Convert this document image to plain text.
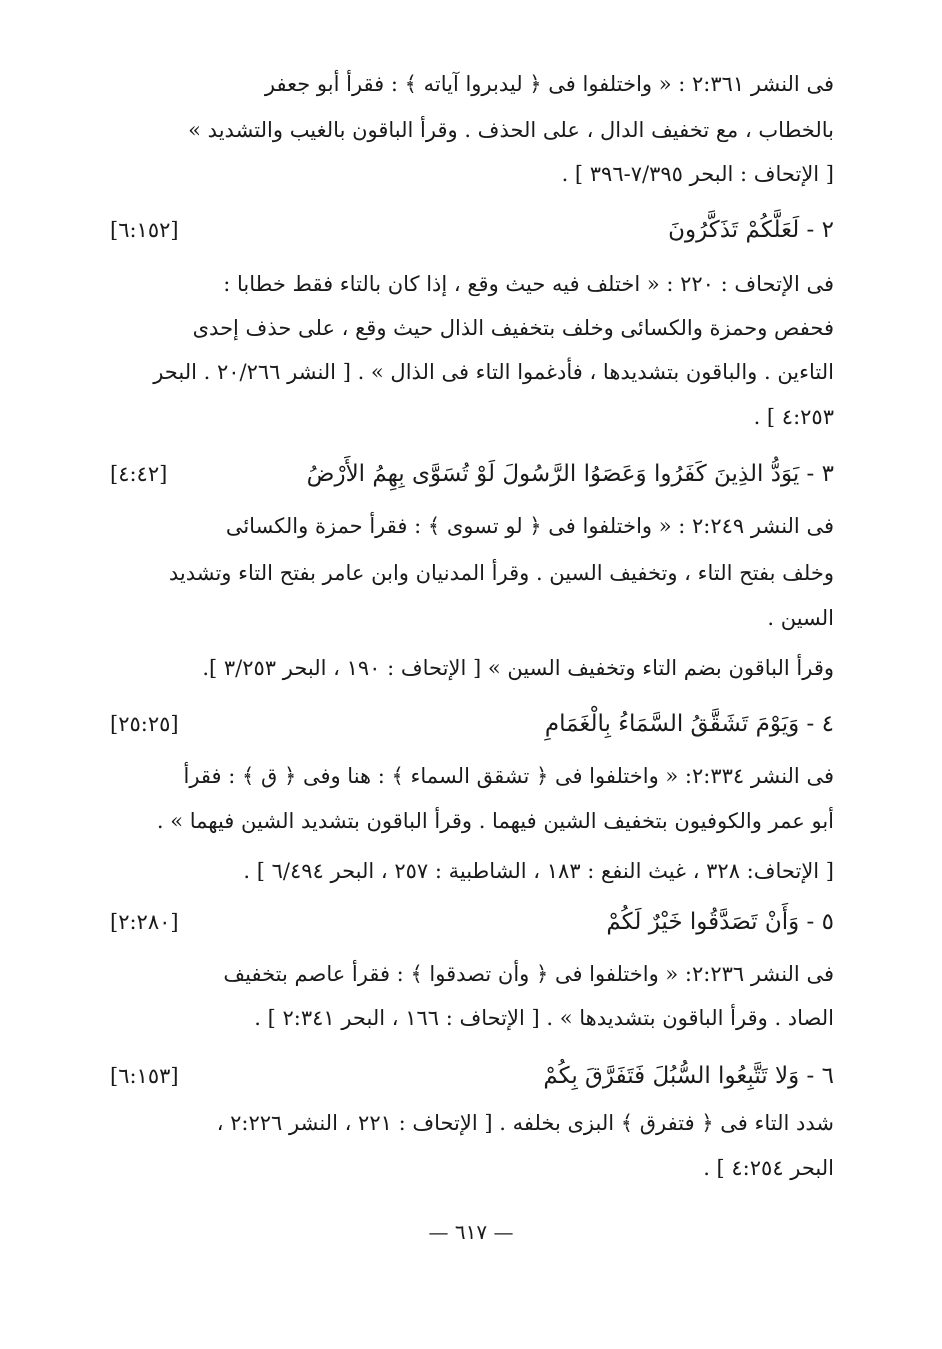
فى النشر ٢:٣٦١ : « واختلفوا فى ﴿ ليدبروا آياته ﴾ : فقرأ أبو جعفر
بالخطاب ، مع تخفيف الدال ، على الحذف . وقرأ الباقون بالغيب والتشديد »
[ الإتحاف : البحر ٧/٣٩٥-٣٩٦ ] .
٢ - لَعَلَّكُمْ تَذَكَّرُونَ
[٦:١٥٢]
فى الإتحاف : ٢٢٠ : « اختلف فيه حيث وقع ، إذا كان بالتاء فقط خطابا :
فحفص وحمزة والكسائى وخلف بتخفيف الذال حيث وقع ، على حذف إحدى
التاءين . والباقون بتشديدها ، فأدغموا التاء فى الذال » . [ النشر ٢٠/٢٦٦ . البحر
٤:٢٥٣ ] .
٣ - يَوَدُّ الذِينَ كَفَرُوا وَعَصَوُا الرَّسُولَ لَوْ تُسَوَّى بِهِمُ الأَرْضُ
[٤:٤٢]
فى النشر ٢:٢٤٩ : « واختلفوا فى ﴿ لو تسوى ﴾ : فقرأ حمزة والكسائى
وخلف بفتح التاء ، وتخفيف السين . وقرأ المدنيان وابن عامر بفتح التاء وتشديد
السين .
وقرأ الباقون بضم التاء وتخفيف السين » [ الإتحاف : ١٩٠ ، البحر ٣/٢٥٣ ].
٤ - وَيَوْمَ تَشَقَّقُ السَّمَاءُ بِالْغَمَامِ
[٢٥:٢٥]
فى النشر ٢:٣٣٤: « واختلفوا فى ﴿ تشقق السماء ﴾ : هنا وفى ﴿ ق ﴾ : فقرأ
أبو عمر والكوفيون بتخفيف الشين فيهما . وقرأ الباقون بتشديد الشين فيهما » .
[ الإتحاف: ٣٢٨ ، غيث النفع : ١٨٣ ، الشاطبية : ٢٥٧ ، البحر ٦/٤٩٤ ] .
٥ - وَأَنْ تَصَدَّقُوا خَيْرٌ لَكُمْ
[٢:٢٨٠]
فى النشر ٢:٢٣٦: « واختلفوا فى ﴿ وأن تصدقوا ﴾ : فقرأ عاصم بتخفيف
الصاد . وقرأ الباقون بتشديدها » . [ الإتحاف : ١٦٦ ، البحر ٢:٣٤١ ] .
٦ - وَلا تَتَّبِعُوا السُّبُلَ فَتَفَرَّقَ بِكُمْ
[٦:١٥٣]
شدد التاء فى ﴿ فتفرق ﴾ البزى بخلفه . [ الإتحاف : ٢٢١ ، النشر ٢:٢٢٦ ،
البحر ٤:٢٥٤ ] .
— ٦١٧ —
